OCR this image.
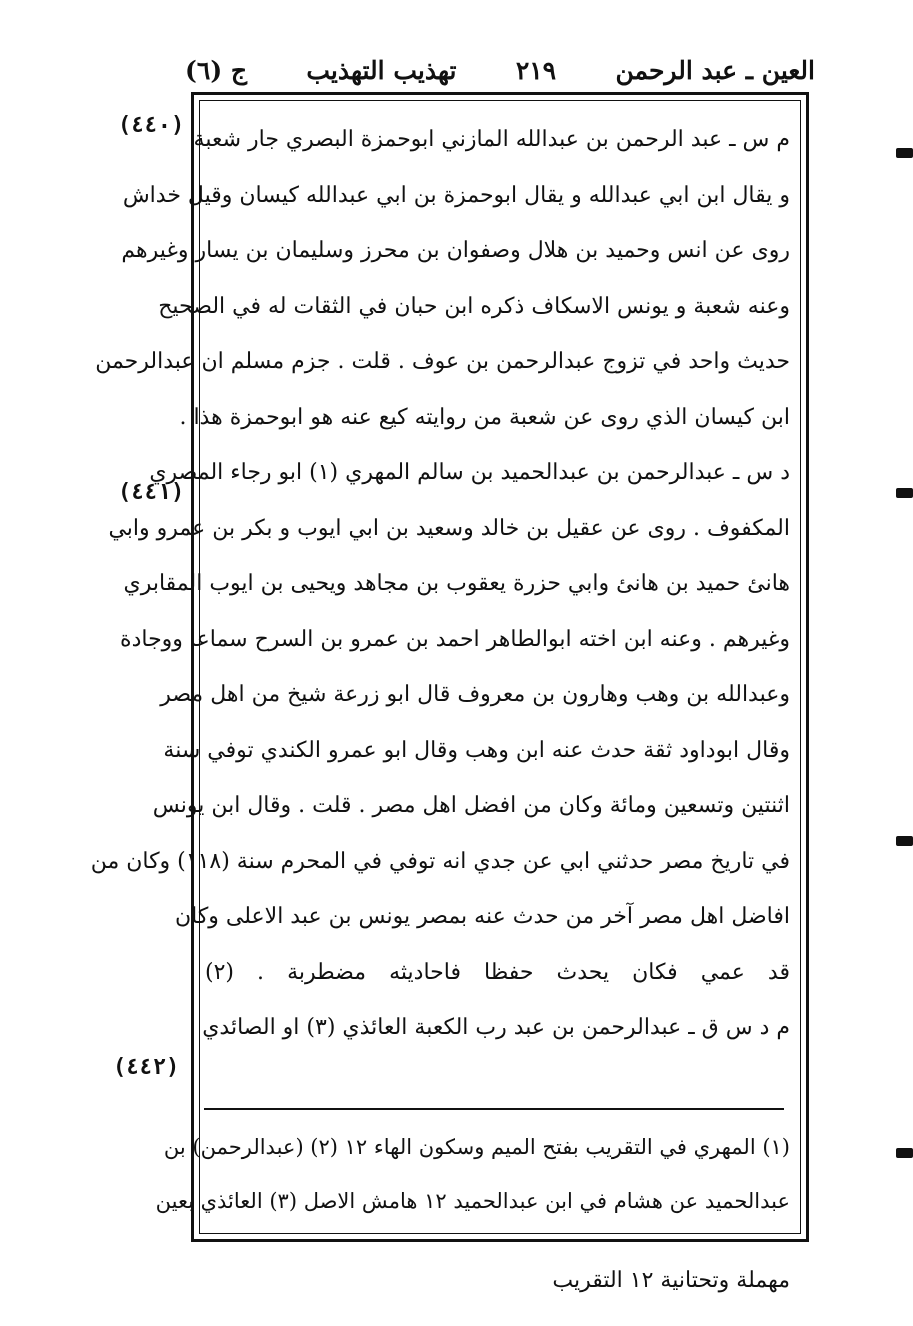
العين ـ عبد الرحمن
٢١٩
تهذيب التهذيب
ج (٦)
(٤٤٠)
(٤٤١)
(٤٤٢)
م س ـ عبد الرحمن بن عبدالله المازني ابوحمزة البصري جار شعبة
و يقال ابن ابي عبدالله و يقال ابوحمزة بن ابي عبدالله كيسان وقيل خداش
روى عن انس وحميد بن هلال وصفوان بن محرز وسليمان بن يسار وغيرهم
وعنه شعبة و يونس الاسكاف ذكره ابن حبان في الثقات له في الصحيح
حديث واحد في تزوج عبدالرحمن بن عوف . قلت . جزم مسلم ان عبدالرحمن
ابن كيسان الذي روى عن شعبة من روايته كيع عنه هو ابوحمزة هذا .
د س ـ عبدالرحمن بن عبدالحميد بن سالم المهري (١) ابو رجاء المصري
المكفوف . روى عن عقيل بن خالد وسعيد بن ابي ايوب و بكر بن عمرو وابي
هانئ حميد بن هانئ وابي حزرة يعقوب بن مجاهد ويحيى بن ايوب المقابري
وغيرهم . وعنه ابن اخته ابوالطاهر احمد بن عمرو بن السرح سماعا ووجادة
وعبدالله بن وهب وهارون بن معروف قال ابو زرعة شيخ من اهل مصر
وقال ابوداود ثقة حدث عنه ابن وهب وقال ابو عمرو الكندي توفي سنة
اثنتين وتسعين ومائة وكان من افضل اهل مصر . قلت . وقال ابن يونس
في تاريخ مصر حدثني ابي عن جدي انه توفي في المحرم سنة (١١٨) وكان من
افاضل اهل مصر آخر من حدث عنه بمصر يونس بن عبد الاعلى وكان
قد عمي فكان يحدث حفظا فاحاديثه مضطربة . (٢)
م د س ق ـ عبدالرحمن بن عبد رب الكعبة العائذي (٣) او الصائدي
(١) المهري في التقريب بفتح الميم وسكون الهاء ١٢ (٢) (عبدالرحمن) بن
عبدالحميد عن هشام في ابن عبدالحميد ١٢ هامش الاصل (٣) العائذي بعين
مهملة وتحتانية ١٢ التقريب
